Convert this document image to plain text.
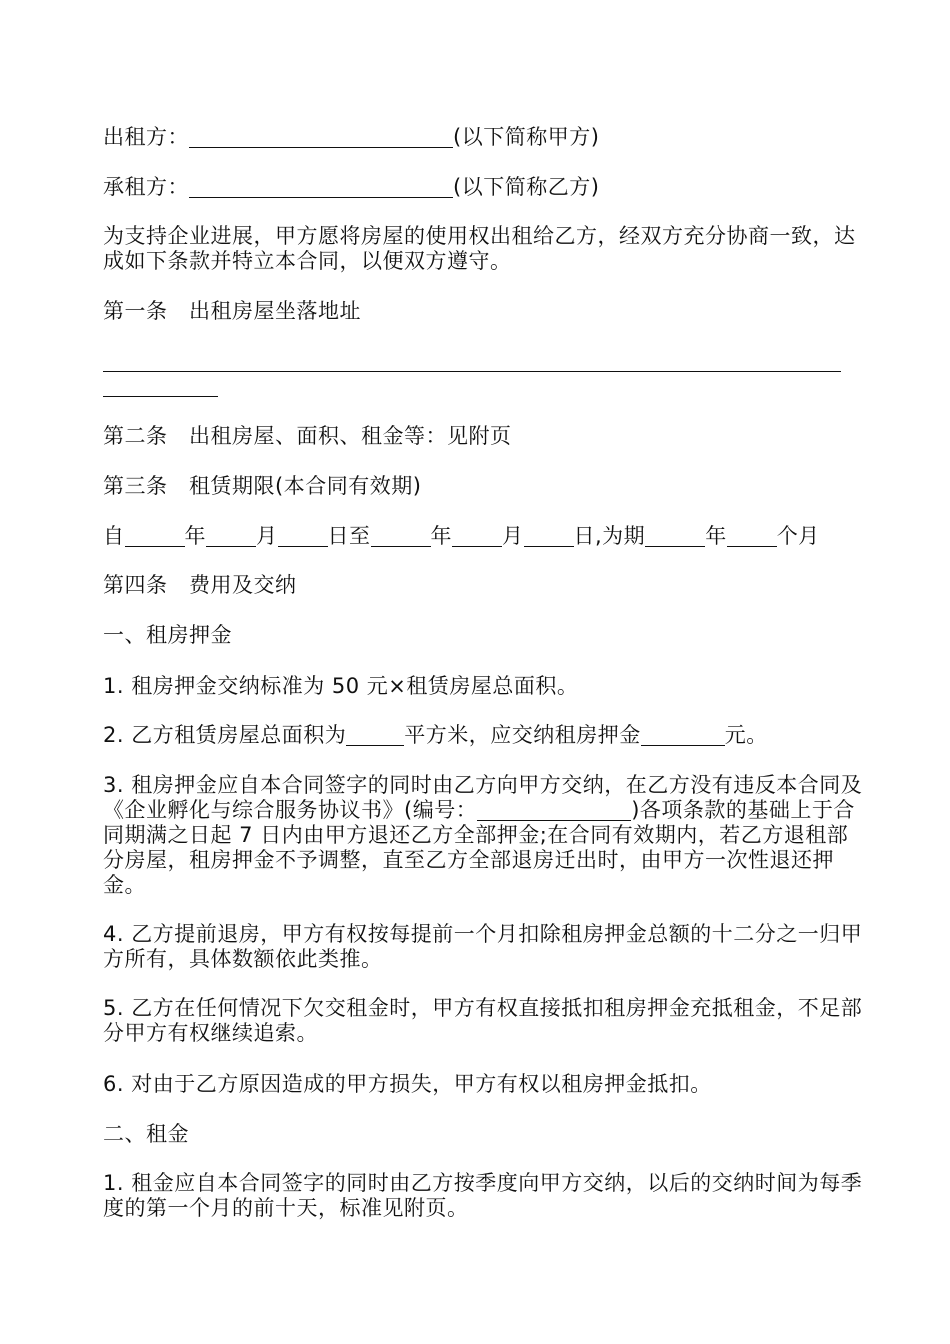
出租方：	(以下简称甲方)
承租方：	(以下简称乙方)
为支持企业进展，甲方愿将房屋的使用权出租给乙方，经双方充分协商一致，达成如下条款并特立本合同，以便双方遵守。
第一条　出租房屋坐落地址
第二条　出租房屋、面积、租金等：见附页
第三条　租赁期限(本合同有效期)
自	年 月 日至	年 月 日,为期	年 个月
第四条　费用及交纳
一、租房押金
1. 租房押金交纳标准为 50 元×租赁房屋总面积。
2. 乙方租赁房屋总面积为	平方米，应交纳租房押金	元。
3. 租房押金应自本合同签字的同时由乙方向甲方交纳，在乙方没有违反本合同及《企业孵化与综合服务协议书》(编号：	)各项条款的基础上于合同期满之日起 7 日内由甲方退还乙方全部押金;在合同有效期内，若乙方退租部分房屋，租房押金不予调整，直至乙方全部退房迁出时，由甲方一次性退还押金。
4. 乙方提前退房，甲方有权按每提前一个月扣除租房押金总额的十二分之一归甲方所有，具体数额依此类推。
5. 乙方在任何情况下欠交租金时，甲方有权直接抵扣租房押金充抵租金，不足部分甲方有权继续追索。
6. 对由于乙方原因造成的甲方损失，甲方有权以租房押金抵扣。
二、租金
1. 租金应自本合同签字的同时由乙方按季度向甲方交纳，以后的交纳时间为每季度的第一个月的前十天，标准见附页。
